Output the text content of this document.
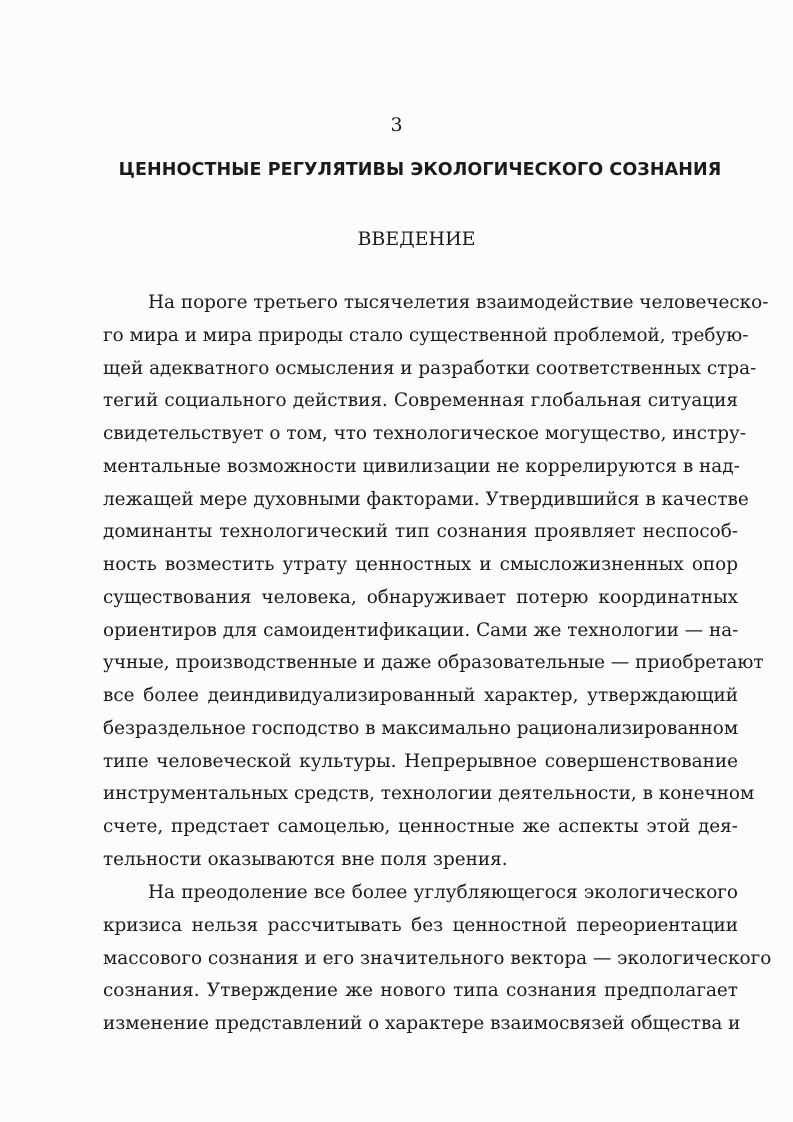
3
ЦЕННОСТНЫЕ РЕГУЛЯТИВЫ ЭКОЛОГИЧЕСКОГО СОЗНАНИЯ
ВВЕДЕНИЕ

На пороге третьего тысячелетия взаимодействие человеческо-
го мира и мира природы стало существенной проблемой, требую-
щей адекватного осмысления и разработки соответственных стра-
тегий социального действия. Современная глобальная ситуация
свидетельствует о том, что технологическое могущество, инстру-
ментальные возможности цивилизации не коррелируются в над-
лежащей мере духовными факторами. Утвердившийся в качестве
доминанты технологический тип сознания проявляет неспособ-
ность возместить утрату ценностных и смысложизненных опор
существования человека, обнаруживает потерю координатных
ориентиров для самоидентификации. Сами же технологии — на-
учные, производственные и даже образовательные — приобретают
все более деиндивидуализированный характер, утверждающий
безраздельное господство в максимально рационализированном
типе человеческой культуры. Непрерывное совершенствование
инструментальных средств, технологии деятельности, в конечном
счете, предстает самоцелью, ценностные же аспекты этой дея-
тельности оказываются вне поля зрения.

На преодоление все более углубляющегося экологического
кризиса нельзя рассчитывать без ценностной переориентации
массового сознания и его значительного вектора — экологического
сознания. Утверждение же нового типа сознания предполагает
изменение представлений о характере взаимосвязей общества и
